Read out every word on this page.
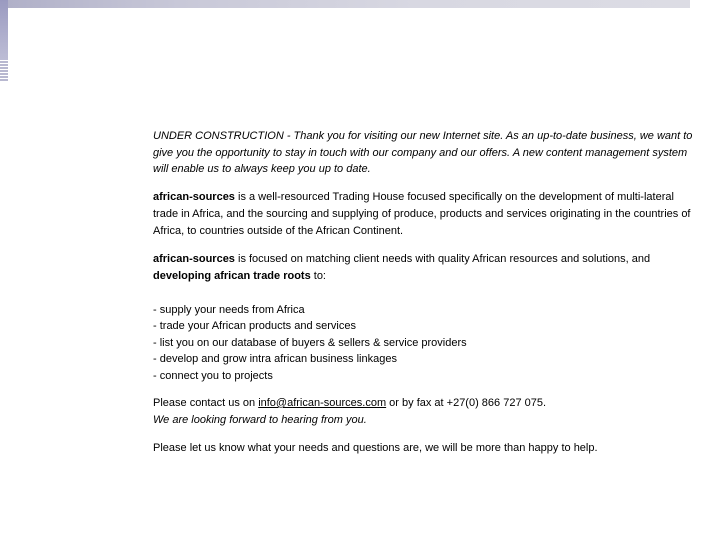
UNDER CONSTRUCTION - Thank you for visiting our new Internet site. As an up-to-date business, we want to give you the opportunity to stay in touch with our company and our offers. A new content management system will enable us to always keep you up to date.

african-sources is a well-resourced Trading House focused specifically on the development of multi-lateral trade in Africa, and the sourcing and supplying of produce, products and services originating in the countries of Africa, to countries outside of the African Continent.

african-sources is focused on matching client needs with quality African resources and solutions, and developing african trade roots to:

- supply your needs from Africa
- trade your African products and services
- list you on our database of buyers & sellers & service providers
- develop and grow intra african business linkages
- connect you to projects

Please contact us on info@african-sources.com or by fax at +27(0) 866 727 075.
We are looking forward to hearing from you.

Please let us know what your needs and questions are, we will be more than happy to help.
